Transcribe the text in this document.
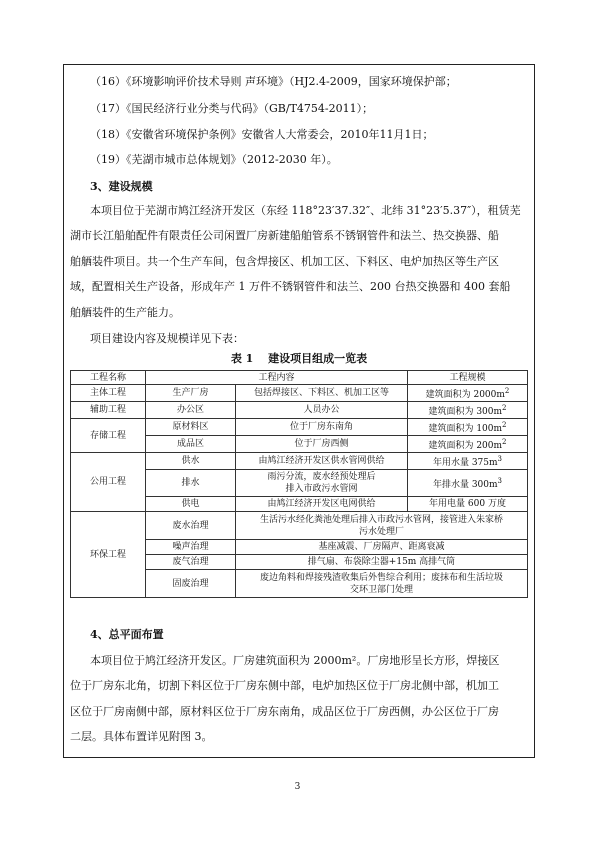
（16）《环境影响评价技术导则 声环境》（HJ2.4-2009，国家环境保护部；
（17）《国民经济行业分类与代码》（GB/T4754-2011）；
（18）《安徽省环境保护条例》安徽省人大常委会，2010年11月1日；
（19）《芜湖市城市总体规划》（2012-2030 年）。
3、建设规模
本项目位于芜湖市鸠江经济开发区（东经 118°23′37.32″、北纬 31°23′5.37″），租赁芜
湖市长江船舶配件有限责任公司闲置厂房新建船舶管系不锈钢管件和法兰、热交换器、船
舶舾装件项目。共一个生产车间，包含焊接区、机加工区、下料区、电炉加热区等生产区
域，配置相关生产设备，形成年产 1 万件不锈钢管件和法兰、200 台热交换器和 400 套船
舶舾装件的生产能力。
项目建设内容及规模详见下表：
表 1　 建设项目组成一览表
工程名称	工程内容		工程规模
主体工程	生产厂房	包括焊接区、下料区、机加工区等	建筑面积为 $2000m^2$
辅助工程	办公区	人员办公	建筑面积为 $300m^2$
存储工程	原材料区	位于厂房东南角	建筑面积为 $100m^2$
	成品区	位于厂房西侧	建筑面积为 $200m^2$
公用工程	供水	由鸠江经济开发区供水管网供给	年用水量 $375m^3$
	排水	雨污分流，废水经预处理后排入市政污水管网	年排水量 $300m^3$
	供电	由鸠江经济开发区电网供给	年用电量 600 万度
环保工程	废水治理	生活污水经化粪池处理后排入市政污水管网，接管进入朱家桥污水处理厂	
	噪声治理	基座减震、厂房隔声、距离衰减	
	废气治理	排气扇、布袋除尘器+15m 高排气筒	
	固废治理	废边角料和焊接残渣收集后外售综合利用；废抹布和生活垃圾交环卫部门处理	
4、总平面布置
本项目位于鸠江经济开发区。厂房建筑面积为 2000m²。厂房地形呈长方形，焊接区
位于厂房东北角，切割下料区位于厂房东侧中部，电炉加热区位于厂房北侧中部，机加工
区位于厂房南侧中部，原材料区位于厂房东南角，成品区位于厂房西侧，办公区位于厂房
二层。具体布置详见附图 3。
3
